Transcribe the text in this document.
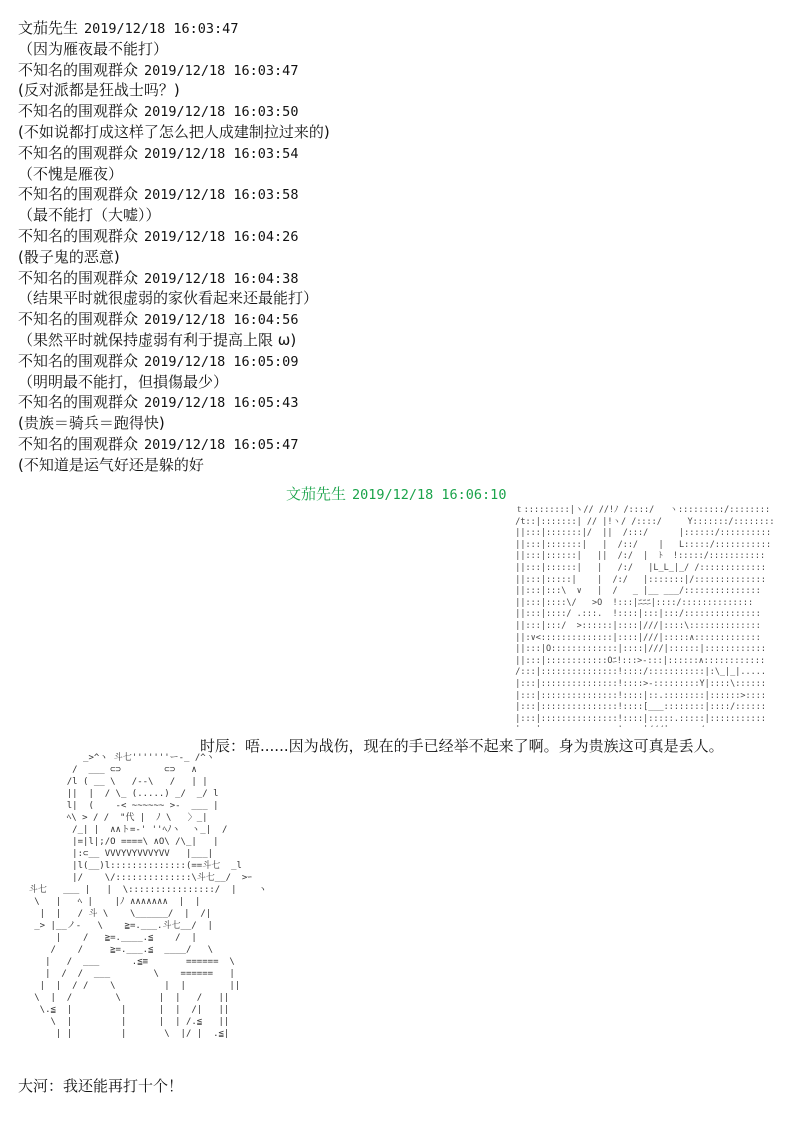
文茄先生 2019/12/18 16:03:47
（因为雁夜最不能打）
不知名的围观群众 2019/12/18 16:03:47
(反对派都是狂战士吗？)
不知名的围观群众 2019/12/18 16:03:50
(不如说都打成这样了怎么把人成建制拉过来的)
不知名的围观群众 2019/12/18 16:03:54
（不愧是雁夜）
不知名的围观群众 2019/12/18 16:03:58
（最不能打（大嘘））
不知名的围观群众 2019/12/18 16:04:26
(骰子鬼的恶意)
不知名的围观群众 2019/12/18 16:04:38
（结果平时就很虚弱的家伙看起来还最能打）
不知名的围观群众 2019/12/18 16:04:56
（果然平时就保持虚弱有利于提高上限 ω)
不知名的围观群众 2019/12/18 16:05:09
（明明最不能打，但損傷最少）
不知名的围观群众 2019/12/18 16:05:43
(贵族＝骑兵＝跑得快)
不知名的围观群众 2019/12/18 16:05:47
(不知道是运气好还是躲的好
文茄先生 2019/12/18 16:06:10
ｔ:::::::::|ヽ// //!ﾉ /::::/   ヽ:::::::::/::::::::
/t::|:::::::| // |!ヽ/ /::::/     Y:::::::/::::::::
||:::|:::::::|/  ||  /:::/      |::::::/::::::::::
||:::|:::::::|   |  /::/    |   L:::::/:::::::::::
||:::|::::::|   ||  /:/  |  ﾄ  !:::::/:::::::::::
||:::|::::::|   |   /:/   |L_L_|_/ /:::::::::::::
||:::|:::::|    |  /:/   |:::::::|/::::::::::::::
||:::|:::\  ∨   |  /   _ |__ ___/:::::::::::::::
||:::|::::\/   >O  !:::|ﾆﾆﾆ|::::/::::::::::::::
||:::|::::/ .:::.  !::::|:::|:::/:::::::::::::::
||:::|:::/  >::::::|::::|///|::::\::::::::::::::
||:∨<::::::::::::::|::::|///|:::::∧:::::::::::::
||:::|O:::::::::::::|::::|///|::::::|::::::::::::
||:::|::::::::::::Oﾆ!:::>-:::|::::::∧::::::::::::
/:::|:::::::::::::::!::::/:::::::::::|:\_|_|.....
|:::|:::::::::::::::!::::>-:::::::::Y|::::\::::::
|:::|:::::::::::::::!::::|::.::::::::|::::::>::::
|:::|:::::::::::::::!::::[___::::::::|::::/::::::
|:::|:::::::::::::::!::::|:::::.:::::|:::::::::::

时辰：唔......因为战伤，现在的手已经举不起来了啊。身为贵族这可真是丢人。
_>^ヽ 斗七'''''''ー-_ /^ヽ
/  ___ ⊂⊃        ⊂⊃   ∧
/l ( __ \   /--\   /   | |
||  |  / \_ (.....) _/  _/ l
l|  (    -< ~~~~~~ >-  ___ |
ﾍ\ > / /  "代 |  ﾉ \   〉_|
/_| |  ∧∧ト=-' ''ﾍﾉヽ  ヽ_|  /
|=|l|;/O ====\ ∧O\ /\_|   |
|:⊂__ VVVYVYVVVYVV   |___|
|l(__)l::::::::::::::(==斗七  _l
|/    \/::::::::::::::\斗七__/  >ｰ
斗七   ___ |   |  \::::::::::::::::/  |    ヽ
\   |   ﾍ |    |ﾉ ∧∧∧∧∧∧∧  |  |
|  |   / 斗 \    \______/  |  /|
_> |__ノ-   \    ≧=.___.斗七__/  |
|    /   ≧=.____.≦    /  |
/    /     ≧=.___.≦  ____/   \
|   /  ___      .≦≡       ======  \
|  /  /  ___        \    ======   |
|  |  / /    \         |  |        ||
\  |  /        \       |  |   /   ||
\.≦  |         |      |  |  /|   ||
\  |         |      |  | /.≦   ||
| |         |       \  |/ |  .≦|
大河：我还能再打十个！
